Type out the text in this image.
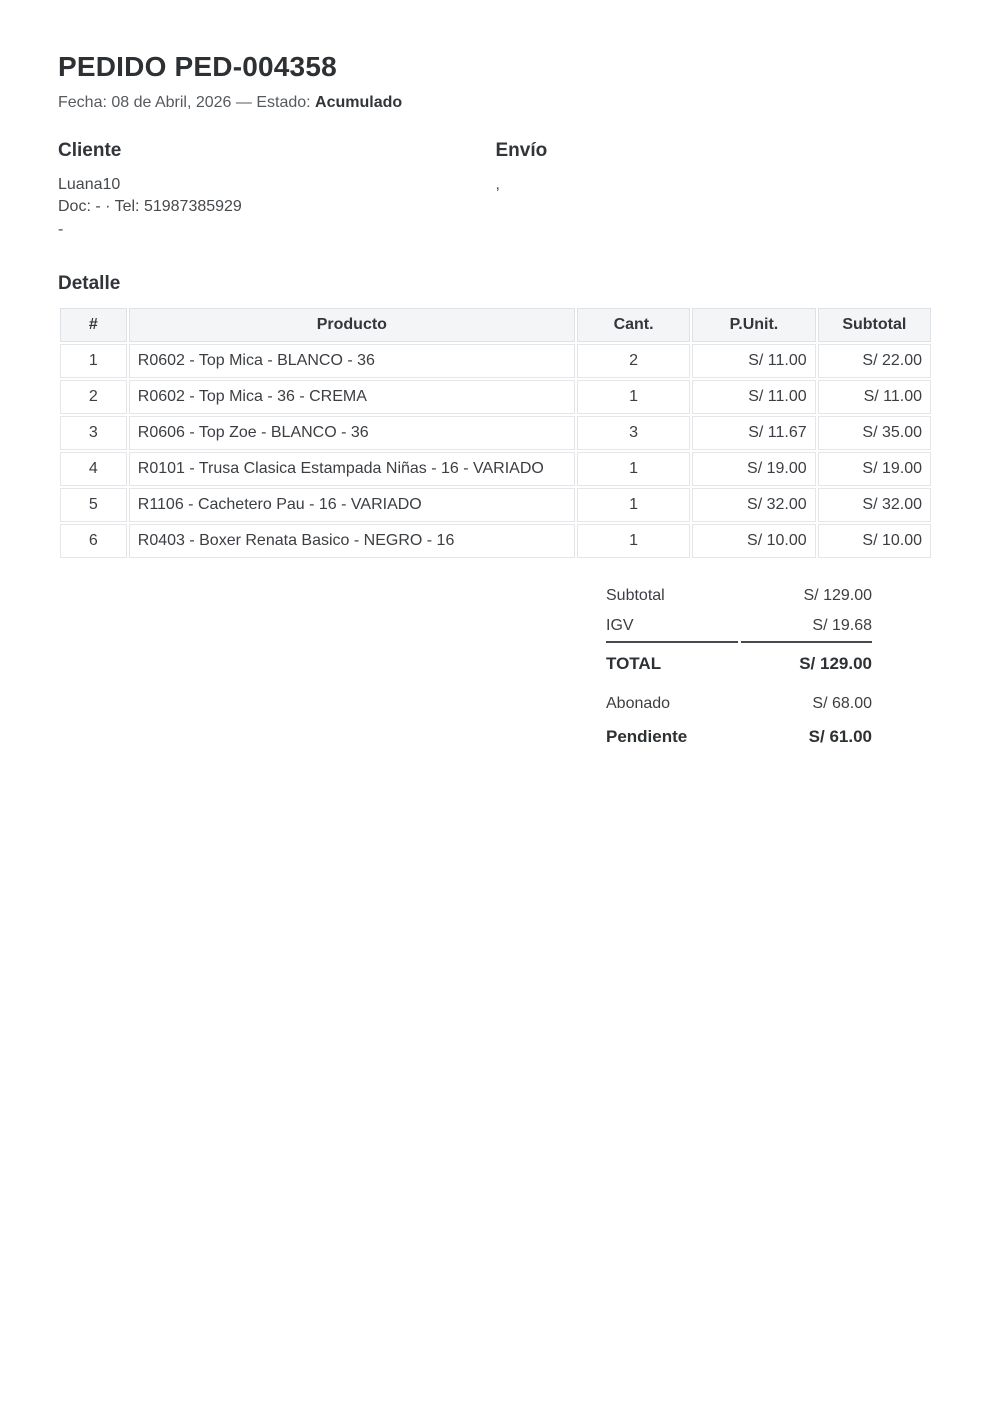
PEDIDO PED-004358

Fecha: 08 de Abril, 2026 — Estado: Acumulado

Cliente

Luana10

Doc: - · Tel: 51987385929

-

Envío

,

Detalle
#	Producto	Cant.	P.Unit.	Subtotal
1	R0602 - Top Mica - BLANCO - 36	2	S/ 11.00	S/ 22.00
2	R0602 - Top Mica - 36 - CREMA	1	S/ 11.00	S/ 11.00
3	R0606 - Top Zoe - BLANCO - 36	3	S/ 11.67	S/ 35.00
4	R0101 - Trusa Clasica Estampada Niñas - 16 - VARIADO	1	S/ 19.00	S/ 19.00
5	R1106 - Cachetero Pau - 16 - VARIADO	1	S/ 32.00	S/ 32.00
6	R0403 - Boxer Renata Basico - NEGRO - 16	1	S/ 10.00	S/ 10.00
Subtotal	S/ 129.00
IGV	S/ 19.68
TOTAL	S/ 129.00
Abonado	S/ 68.00
Pendiente	S/ 61.00
